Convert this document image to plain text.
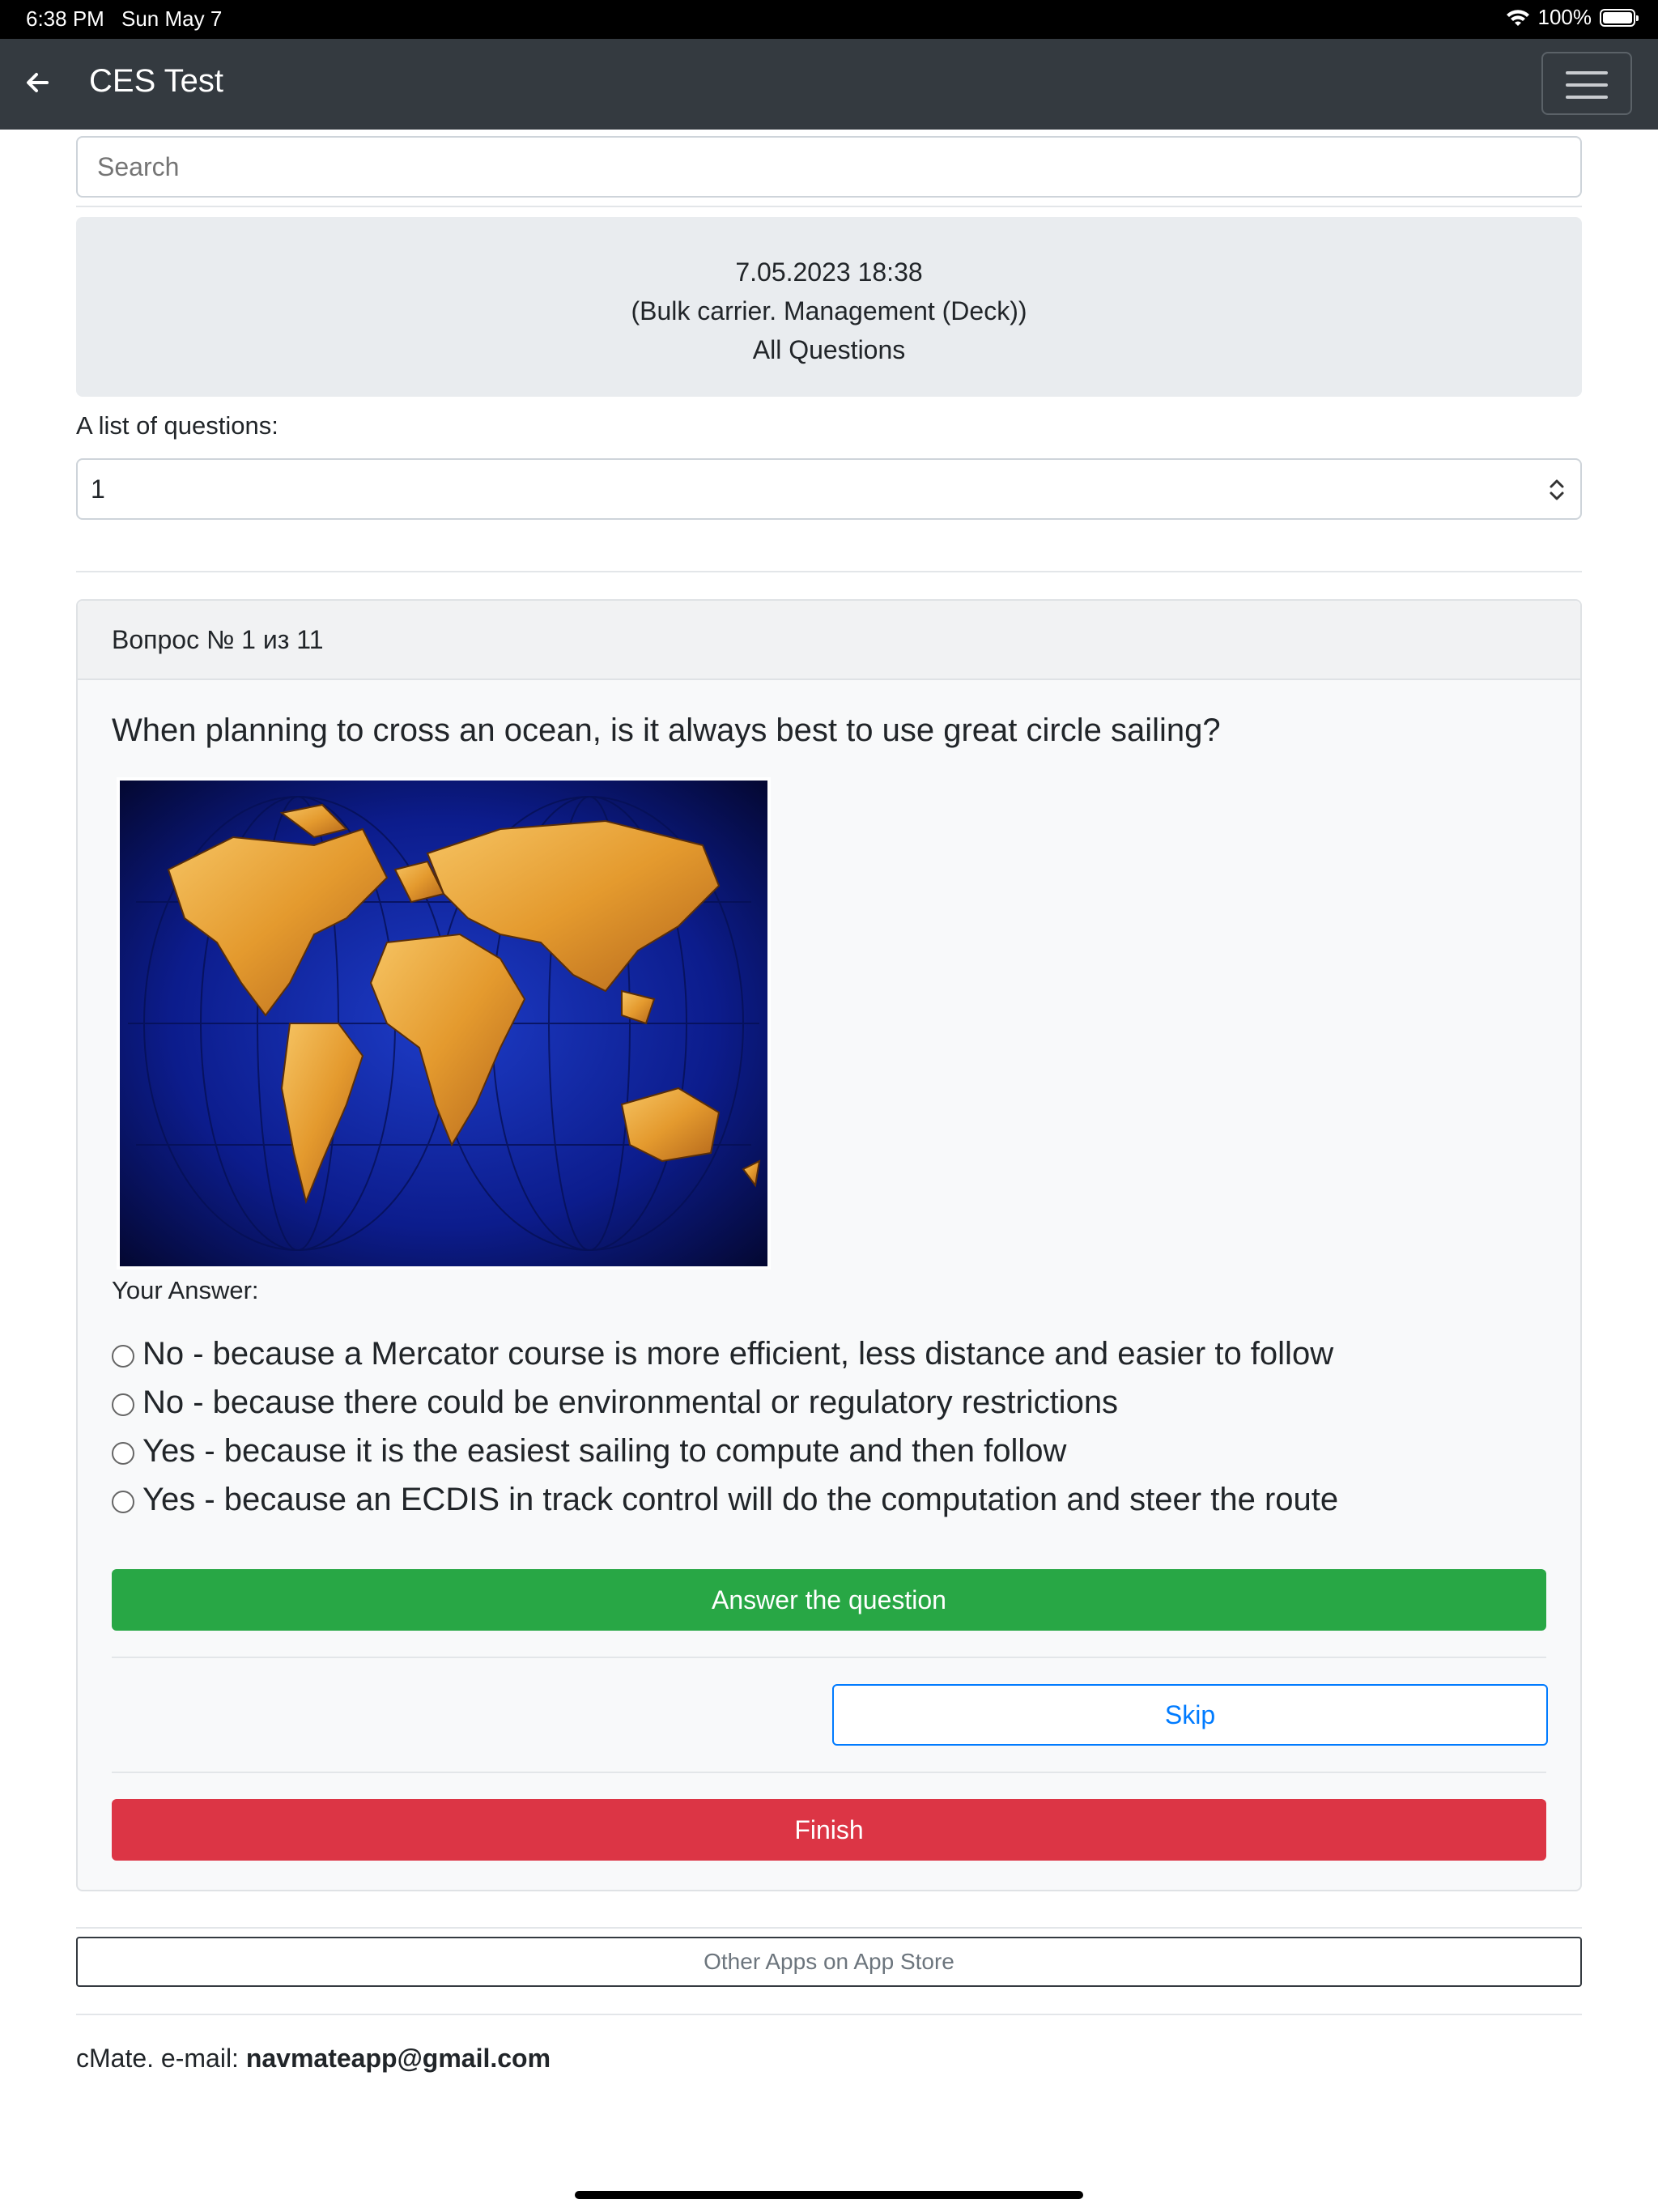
6:38 PM Sun May 7	100%
CES Test
Search
7.05.2023 18:38
(Bulk carrier. Management (Deck))
All Questions
A list of questions:
1
Вопрос № 1 из 11
When planning to cross an ocean, is it always best to use great circle sailing?
Your Answer:
No - because a Mercator course is more efficient, less distance and easier to follow
No - because there could be environmental or regulatory restrictions
Yes - because it is the easiest sailing to compute and then follow
Yes - because an ECDIS in track control will do the computation and steer the route
Answer the question
Skip
Finish
Other Apps on App Store
cMate. e-mail: navmateapp@gmail.com
